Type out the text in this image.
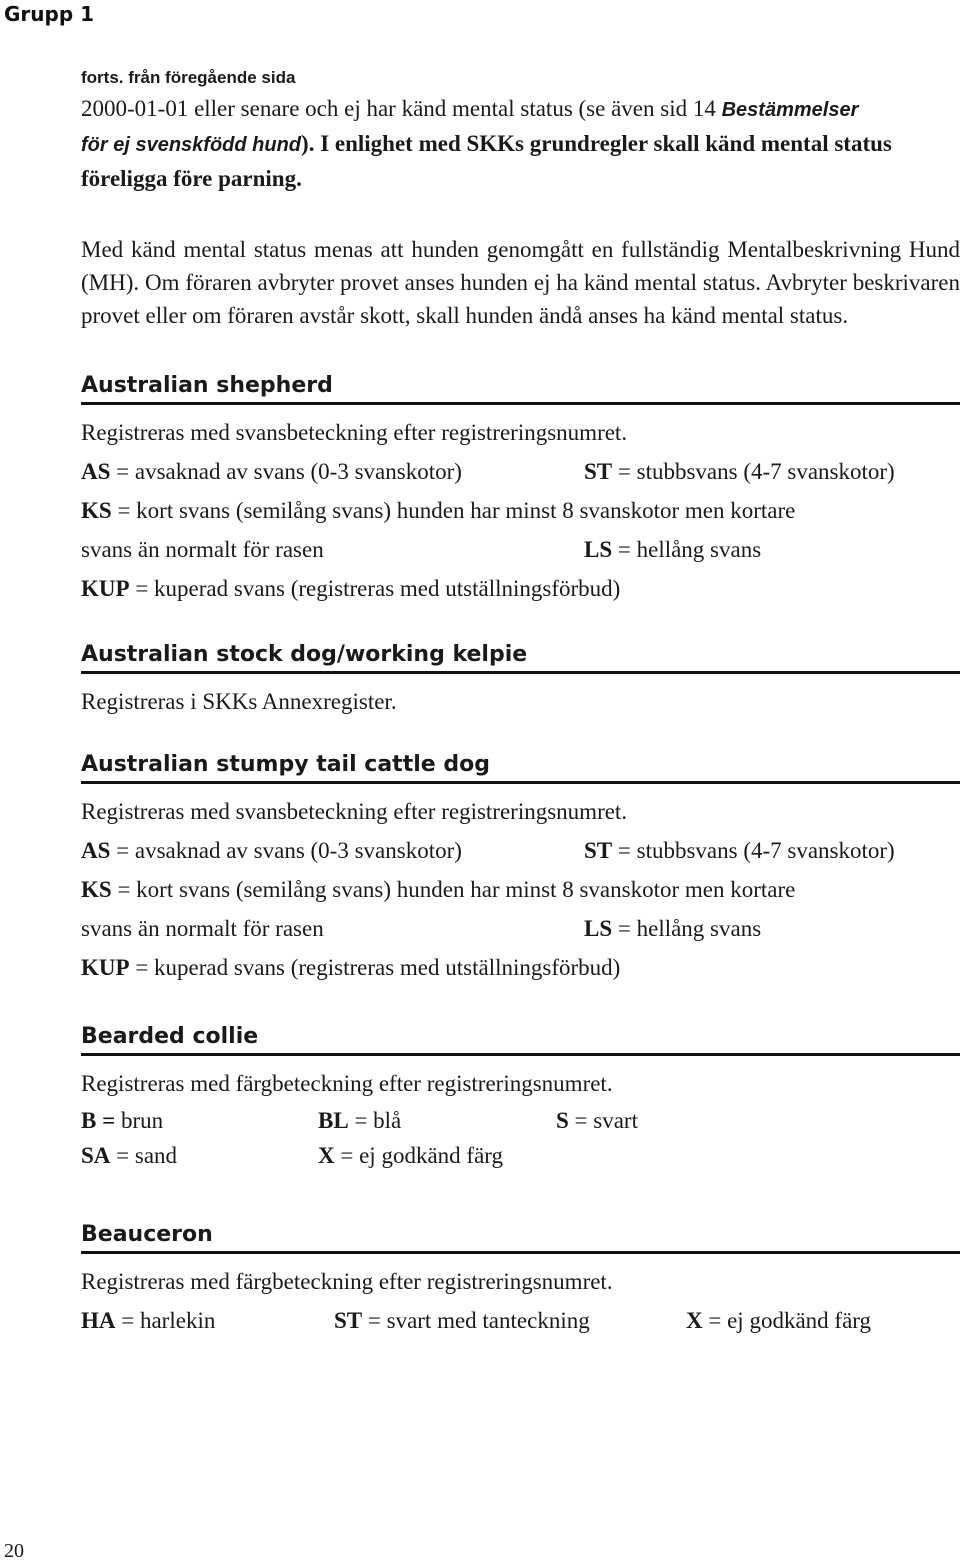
Grupp 1
forts. från föregående sida

2000-01-01 eller senare och ej har känd mental status (se även sid 14 Bestämmelser
för ej svenskfödd hund). I enlighet med SKKs grundregler skall känd mental status
föreligga före parning.

Med känd mental status menas att hunden genomgått en fullständig Mentalbeskrivning Hund (MH). Om föraren avbryter provet anses hunden ej ha känd mental status. Avbryter beskrivaren provet eller om föraren avstår skott, skall hunden ändå anses ha känd mental status.

Australian shepherd
Registreras med svansbeteckning efter registreringsnumret.
AS = avsaknad av svans (0-3 svanskotor)	ST = stubbsvans (4-7 svanskotor)
KS = kort svans (semilång svans) hunden har minst 8 svanskotor men kortare
svans än normalt för rasen	LS = hellång svans
KUP = kuperad svans (registreras med utställningsförbud)
Australian stock dog/working kelpie
Registreras i SKKs Annexregister.
Australian stumpy tail cattle dog
Registreras med svansbeteckning efter registreringsnumret.
AS = avsaknad av svans (0-3 svanskotor)	ST = stubbsvans (4-7 svanskotor)
KS = kort svans (semilång svans) hunden har minst 8 svanskotor men kortare
svans än normalt för rasen	LS = hellång svans
KUP = kuperad svans (registreras med utställningsförbud)
Bearded collie
Registreras med färgbeteckning efter registreringsnumret.
B = brun	BL = blå	S = svart
SA = sand	X = ej godkänd färg
Beauceron
Registreras med färgbeteckning efter registreringsnumret.
HA = harlekin	ST = svart med tanteckning	X = ej godkänd färg
20
